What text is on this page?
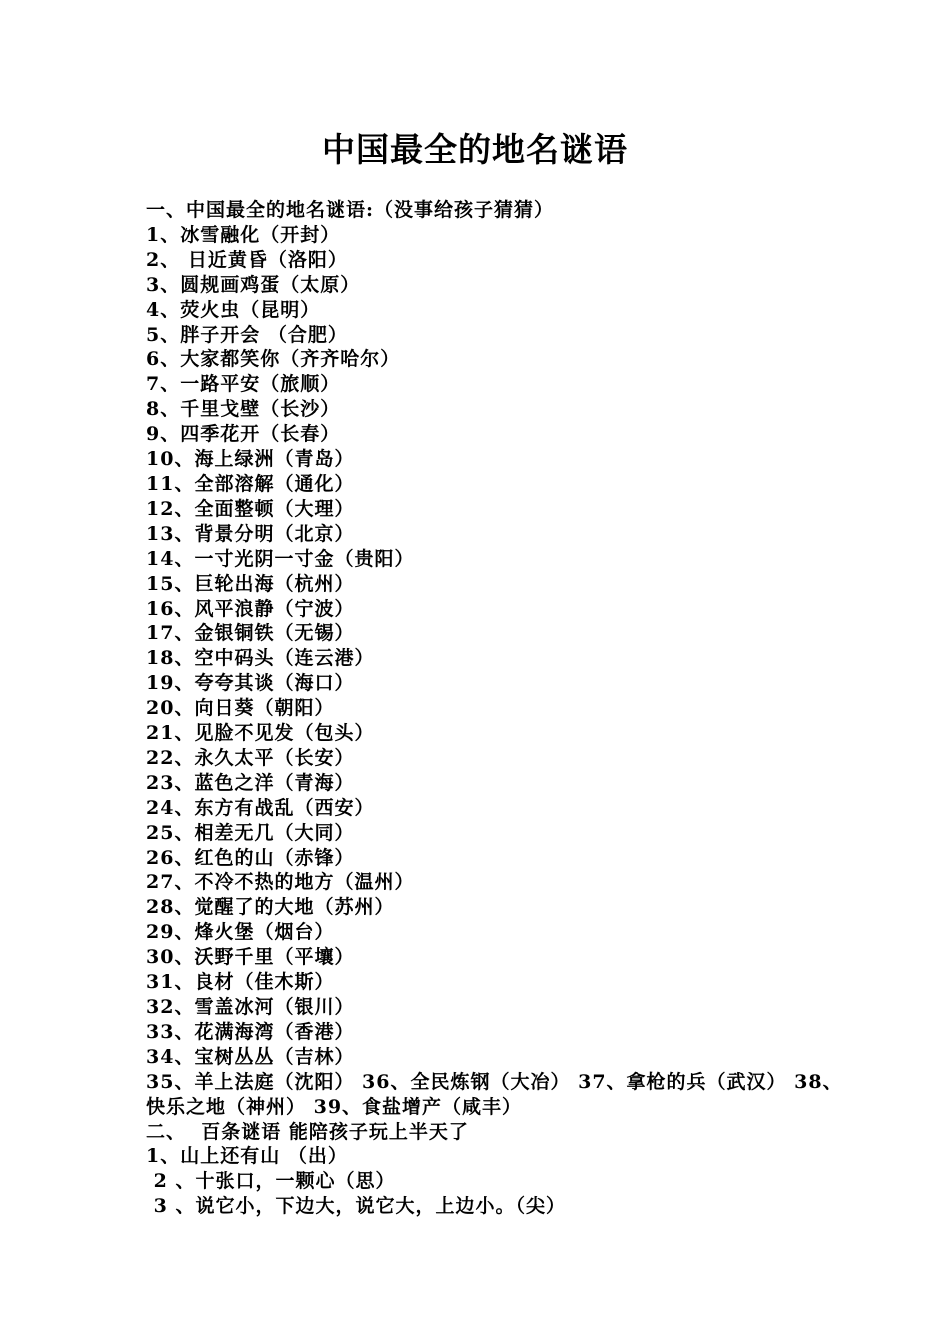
中国最全的地名谜语
一、中国最全的地名谜语:（没事给孩子猜猜）
1、冰雪融化（开封）
2、 日近黄昏（洛阳）
3、圆规画鸡蛋（太原）
4、荧火虫（昆明）
5、胖子开会 （合肥）
6、大家都笑你（齐齐哈尔）
7、一路平安（旅顺）
8、千里戈壁（长沙）
9、四季花开（长春）
10、海上绿洲（青岛）
11、全部溶解（通化）
12、全面整顿（大理）
13、背景分明（北京）
14、一寸光阴一寸金（贵阳）
15、巨轮出海（杭州）
16、风平浪静（宁波）
17、金银铜铁（无锡）
18、空中码头（连云港）
19、夸夸其谈（海口）
20、向日葵（朝阳）
21、见脸不见发（包头）
22、永久太平（长安）
23、蓝色之洋（青海）
24、东方有战乱（西安）
25、相差无几（大同）
26、红色的山（赤锋）
27、不冷不热的地方（温州）
28、觉醒了的大地（苏州）
29、烽火堡（烟台）
30、沃野千里（平壤）
31、良材（佳木斯）
32、雪盖冰河（银川）
33、花满海湾（香港）
34、宝树丛丛（吉林）
35、羊上法庭（沈阳） 36、全民炼钢（大冶） 37、拿枪的兵（武汉） 38、
快乐之地（神州） 39、食盐增产（咸丰）
二、  百条谜语 能陪孩子玩上半天了
1、山上还有山 （出）
2 、十张口，一颗心（思）
3 、说它小，下边大，说它大，上边小。（尖）
